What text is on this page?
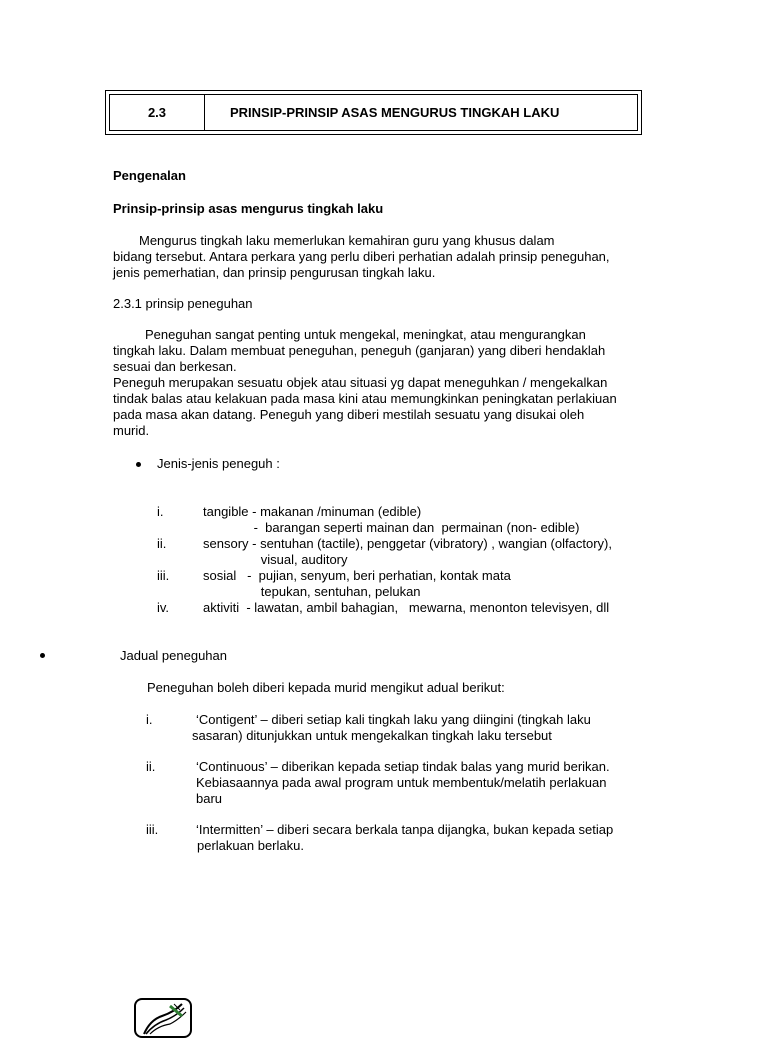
2.3	PRINSIP-PRINSIP ASAS MENGURUS TINGKAH LAKU
Pengenalan
Prinsip-prinsip asas mengurus tingkah laku
Mengurus tingkah laku memerlukan kemahiran guru yang khusus dalam
bidang tersebut. Antara perkara yang perlu diberi perhatian adalah prinsip peneguhan,
jenis pemerhatian, dan prinsip pengurusan tingkah laku.
2.3.1 prinsip peneguhan
Peneguhan sangat penting untuk mengekal, meningkat, atau mengurangkan
tingkah laku. Dalam membuat peneguhan, peneguh (ganjaran) yang diberi hendaklah
sesuai dan berkesan.
Peneguh merupakan sesuatu objek atau situasi yg dapat meneguhkan / mengekalkan
tindak balas atau kelakuan pada masa kini atau memungkinkan peningkatan perlakiuan
pada masa akan datang. Peneguh yang diberi mestilah sesuatu yang disukai oleh
murid.
Jenis-jenis peneguh :
i.	tangible - makanan /minuman (edible)
-  barangan seperti mainan dan  permainan (non- edible)
ii.	sensory - sentuhan (tactile), penggetar (vibratory) , wangian (olfactory),
visual, auditory
iii.	sosial   -  pujian, senyum, beri perhatian, kontak mata
tepukan, sentuhan, pelukan
iv.	aktiviti  - lawatan, ambil bahagian,   mewarna, menonton televisyen, dll
Jadual peneguhan
Peneguhan boleh diberi kepada murid mengikut adual berikut:
i.	‘Contigent’ – diberi setiap kali tingkah laku yang diingini (tingkah laku
sasaran) ditunjukkan untuk mengekalkan tingkah laku tersebut
ii.	‘Continuous’ – diberikan kepada setiap tindak balas yang murid berikan.
Kebiasaannya pada awal program untuk membentuk/melatih perlakuan
baru
iii.	‘Intermitten’ – diberi secara berkala tanpa dijangka, bukan kepada setiap
perlakuan berlaku.
